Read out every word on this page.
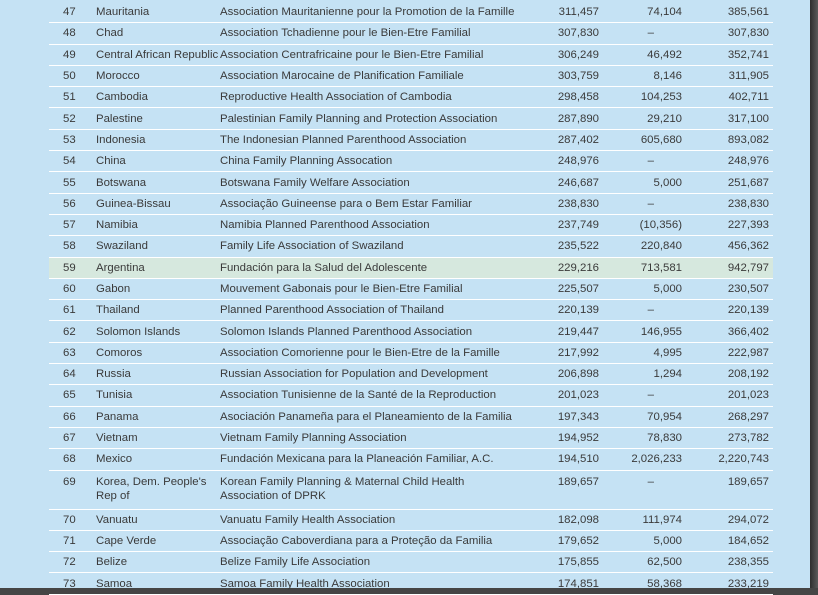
47	Mauritania	Association Mauritanienne pour la Promotion de la Famille	311,457	74,104	385,561
48	Chad	Association Tchadienne pour le Bien-Etre Familial	307,830	–	307,830
49	Central African Republic	Association Centrafricaine pour le Bien-Etre Familial	306,249	46,492	352,741
50	Morocco	Association Marocaine de Planification Familiale	303,759	8,146	311,905
51	Cambodia	Reproductive Health Association of Cambodia	298,458	104,253	402,711
52	Palestine	Palestinian Family Planning and Protection Association	287,890	29,210	317,100
53	Indonesia	The Indonesian Planned Parenthood Association	287,402	605,680	893,082
54	China	China Family Planning Assocation	248,976	–	248,976
55	Botswana	Botswana Family Welfare Association	246,687	5,000	251,687
56	Guinea-Bissau	Associação Guineense para o Bem Estar Familiar	238,830	–	238,830
57	Namibia	Namibia Planned Parenthood Association	237,749	(10,356)	227,393
58	Swaziland	Family Life Association of Swaziland	235,522	220,840	456,362
59	Argentina	Fundación para la Salud del Adolescente	229,216	713,581	942,797
60	Gabon	Mouvement Gabonais pour le Bien-Etre Familial	225,507	5,000	230,507
61	Thailand	Planned Parenthood Association of Thailand	220,139	–	220,139
62	Solomon Islands	Solomon Islands Planned Parenthood Association	219,447	146,955	366,402
63	Comoros	Association Comorienne pour le Bien-Etre de la Famille	217,992	4,995	222,987
64	Russia	Russian Association for Population and Development	206,898	1,294	208,192
65	Tunisia	Association Tunisienne de la Santé de la Reproduction	201,023	–	201,023
66	Panama	Asociación Panameña para el Planeamiento de la Familia	197,343	70,954	268,297
67	Vietnam	Vietnam Family Planning Association	194,952	78,830	273,782
68	Mexico	Fundación Mexicana para la Planeación Familiar, A.C.	194,510	2,026,233	2,220,743
69	Korea, Dem. People's Rep of	Korean Family Planning & Maternal Child Health Association of DPRK	189,657	–	189,657
70	Vanuatu	Vanuatu Family Health Association	182,098	111,974	294,072
71	Cape Verde	Associação Caboverdiana para a Proteção da Familia	179,652	5,000	184,652
72	Belize	Belize Family Life Association	175,855	62,500	238,355
73	Samoa	Samoa Family Health Association	174,851	58,368	233,219
